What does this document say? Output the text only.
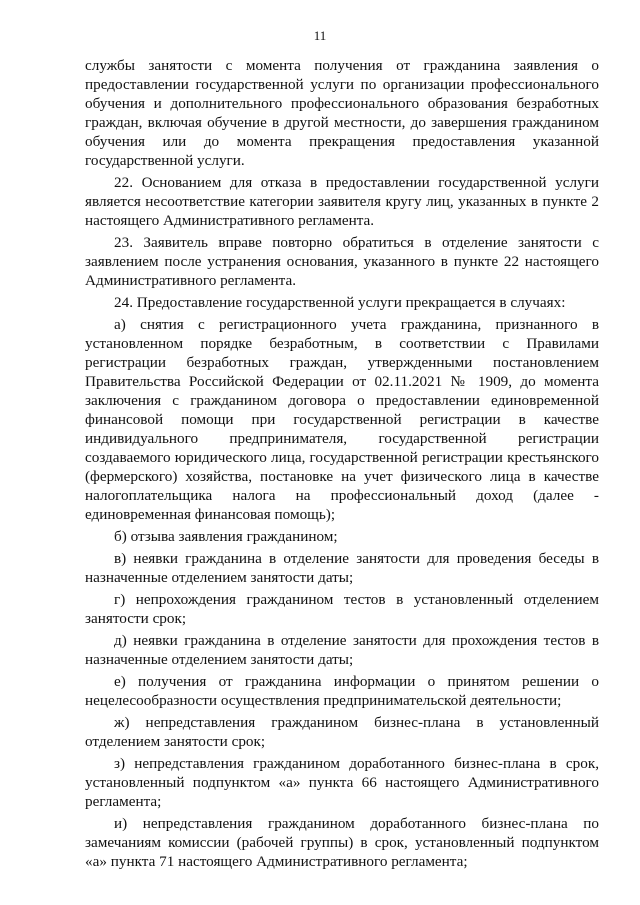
11

службы занятости с момента получения от гражданина заявления о предоставлении государственной услуги по организации профессионального обучения и дополнительного профессионального образования безработных граждан, включая обучение в другой местности, до завершения гражданином обучения или до момента прекращения предоставления указанной государственной услуги.

22. Основанием для отказа в предоставлении государственной услуги является несоответствие категории заявителя кругу лиц, указанных в пункте 2 настоящего Административного регламента.

23. Заявитель вправе повторно обратиться в отделение занятости с заявлением после устранения основания, указанного в пункте 22 настоящего Административного регламента.

24. Предоставление государственной услуги прекращается в случаях:

а) снятия с регистрационного учета гражданина, признанного в установленном порядке безработным, в соответствии с Правилами регистрации безработных граждан, утвержденными постановлением Правительства Российской Федерации от 02.11.2021 № 1909, до момента заключения с гражданином договора о предоставлении единовременной финансовой помощи при государственной регистрации в качестве индивидуального предпринимателя, государственной регистрации создаваемого юридического лица, государственной регистрации крестьянского (фермерского) хозяйства, постановке на учет физического лица в качестве налогоплательщика налога на профессиональный доход (далее - единовременная финансовая помощь);

б) отзыва заявления гражданином;

в) неявки гражданина в отделение занятости для проведения беседы в назначенные отделением занятости даты;

г) непрохождения гражданином тестов в установленный отделением занятости срок;

д) неявки гражданина в отделение занятости для прохождения тестов в назначенные отделением занятости даты;

е) получения от гражданина информации о принятом решении о нецелесообразности осуществления предпринимательской деятельности;

ж) непредставления гражданином бизнес-плана в установленный отделением занятости срок;

з) непредставления гражданином доработанного бизнес-плана в срок, установленный подпунктом «а» пункта 66 настоящего Административного регламента;

и) непредставления гражданином доработанного бизнес-плана по замечаниям комиссии (рабочей группы) в срок, установленный подпунктом «а» пункта 71 настоящего Административного регламента;
